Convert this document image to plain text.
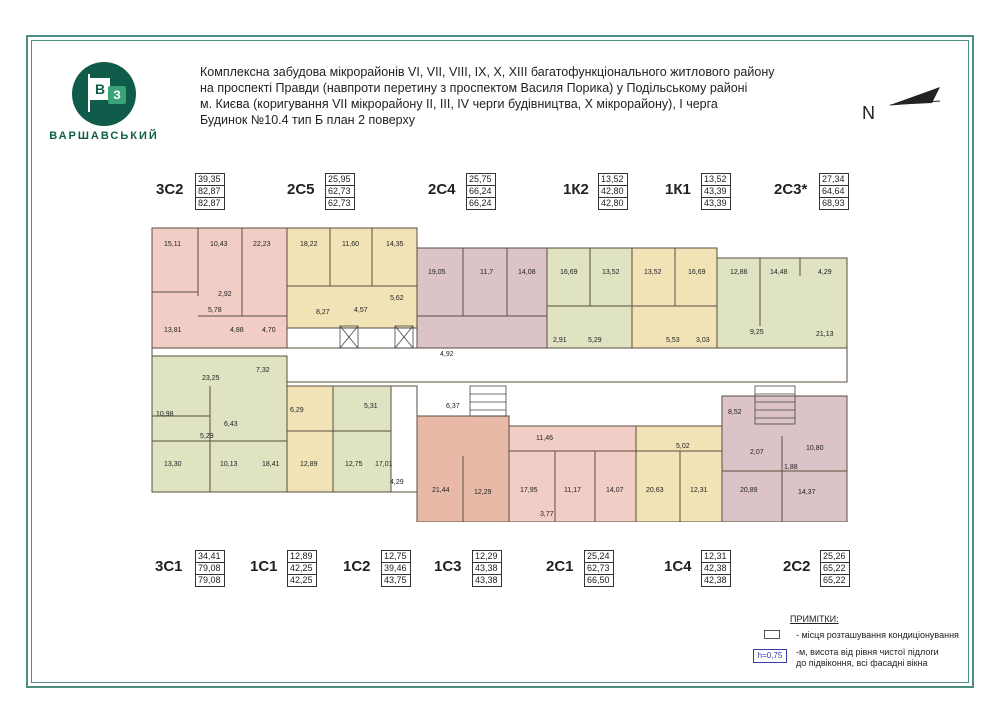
В З
ВАРШАВСЬКИЙ
Комплексна забудова мікрорайонів VI, VII, VIII, IX, X, XIII багатофункціонального житлового району
на проспекті Правди (навпроти перетину з проспектом Василя Порика) у Подільському районі
м. Києва (коригування VII мікрорайону II, III, IV черги будівництва, X мікрорайону), I черга
Будинок №10.4 тип Б план 2 поверху	N
3С2
39,35
82,87
82,87
2С5
25,95
62,73
62,73
2С4
25,75
66,24
66,24
1К2
13,52
42,80
42,80
1К1
13,52
43,39
43,39
2С3*
27,34
64,64
68,93
15,11	10,43	22,23
2,92
5,78
4,88
13,81	4,70
18,22	11,60	14,35
8,27
5,62
4,57
19,05	11,7	14,08
4,92
16,69	13,52
2,91	5,29
13,52	16,69
5,53 3,03
12,86	14,48	4,29
9,25	21,13
23,25
7,32
6,29
5,31
10,98
6,43
5,29
13,30	10,13	18,41	12,89	12,75 17,01
4,29
6,37
21,44	12,29	17,95	11,17
3,77
14,07	20,63	12,31
5,02
20,89	14,37
10,80
1,88
2,07
8,52
11,46
3С1
34,41
79,08
79,08
1С1
12,89
42,25
42,25
1С2
12,75
39,46
43,75
1С3
12,29
43,38
43,38
2С1
25,24
62,73
66,50
1С4
12,31
42,38
42,38
2С2
25,26
65,22
65,22
ПРИМІТКИ:
- місця розташування кондиціонування
h=0,75	-м, висота від рівня чистої підлоги до підвіконня, всі фасадні вікна
